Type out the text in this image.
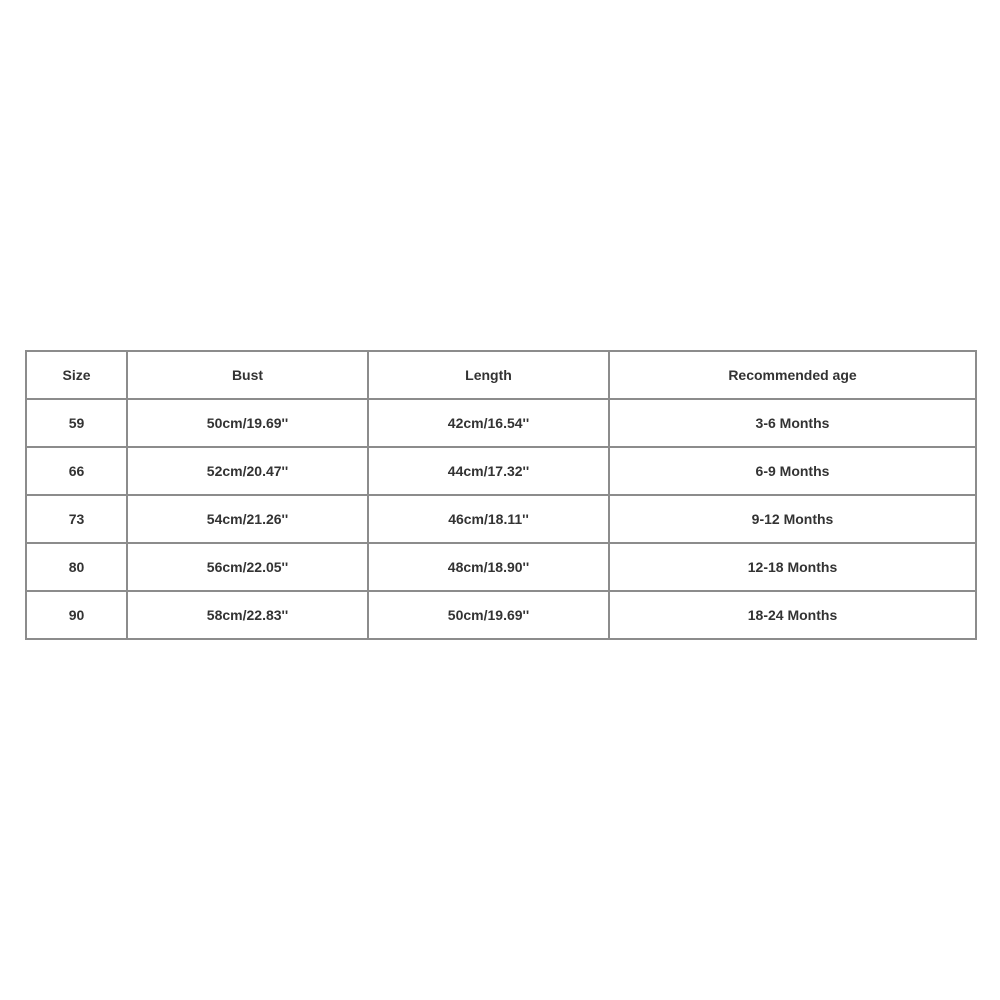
Size	Bust	Length	Recommended age
59	50cm/19.69''	42cm/16.54''	3-6 Months
66	52cm/20.47''	44cm/17.32''	6-9 Months
73	54cm/21.26''	46cm/18.11''	9-12 Months
80	56cm/22.05''	48cm/18.90''	12-18 Months
90	58cm/22.83''	50cm/19.69''	18-24 Months
